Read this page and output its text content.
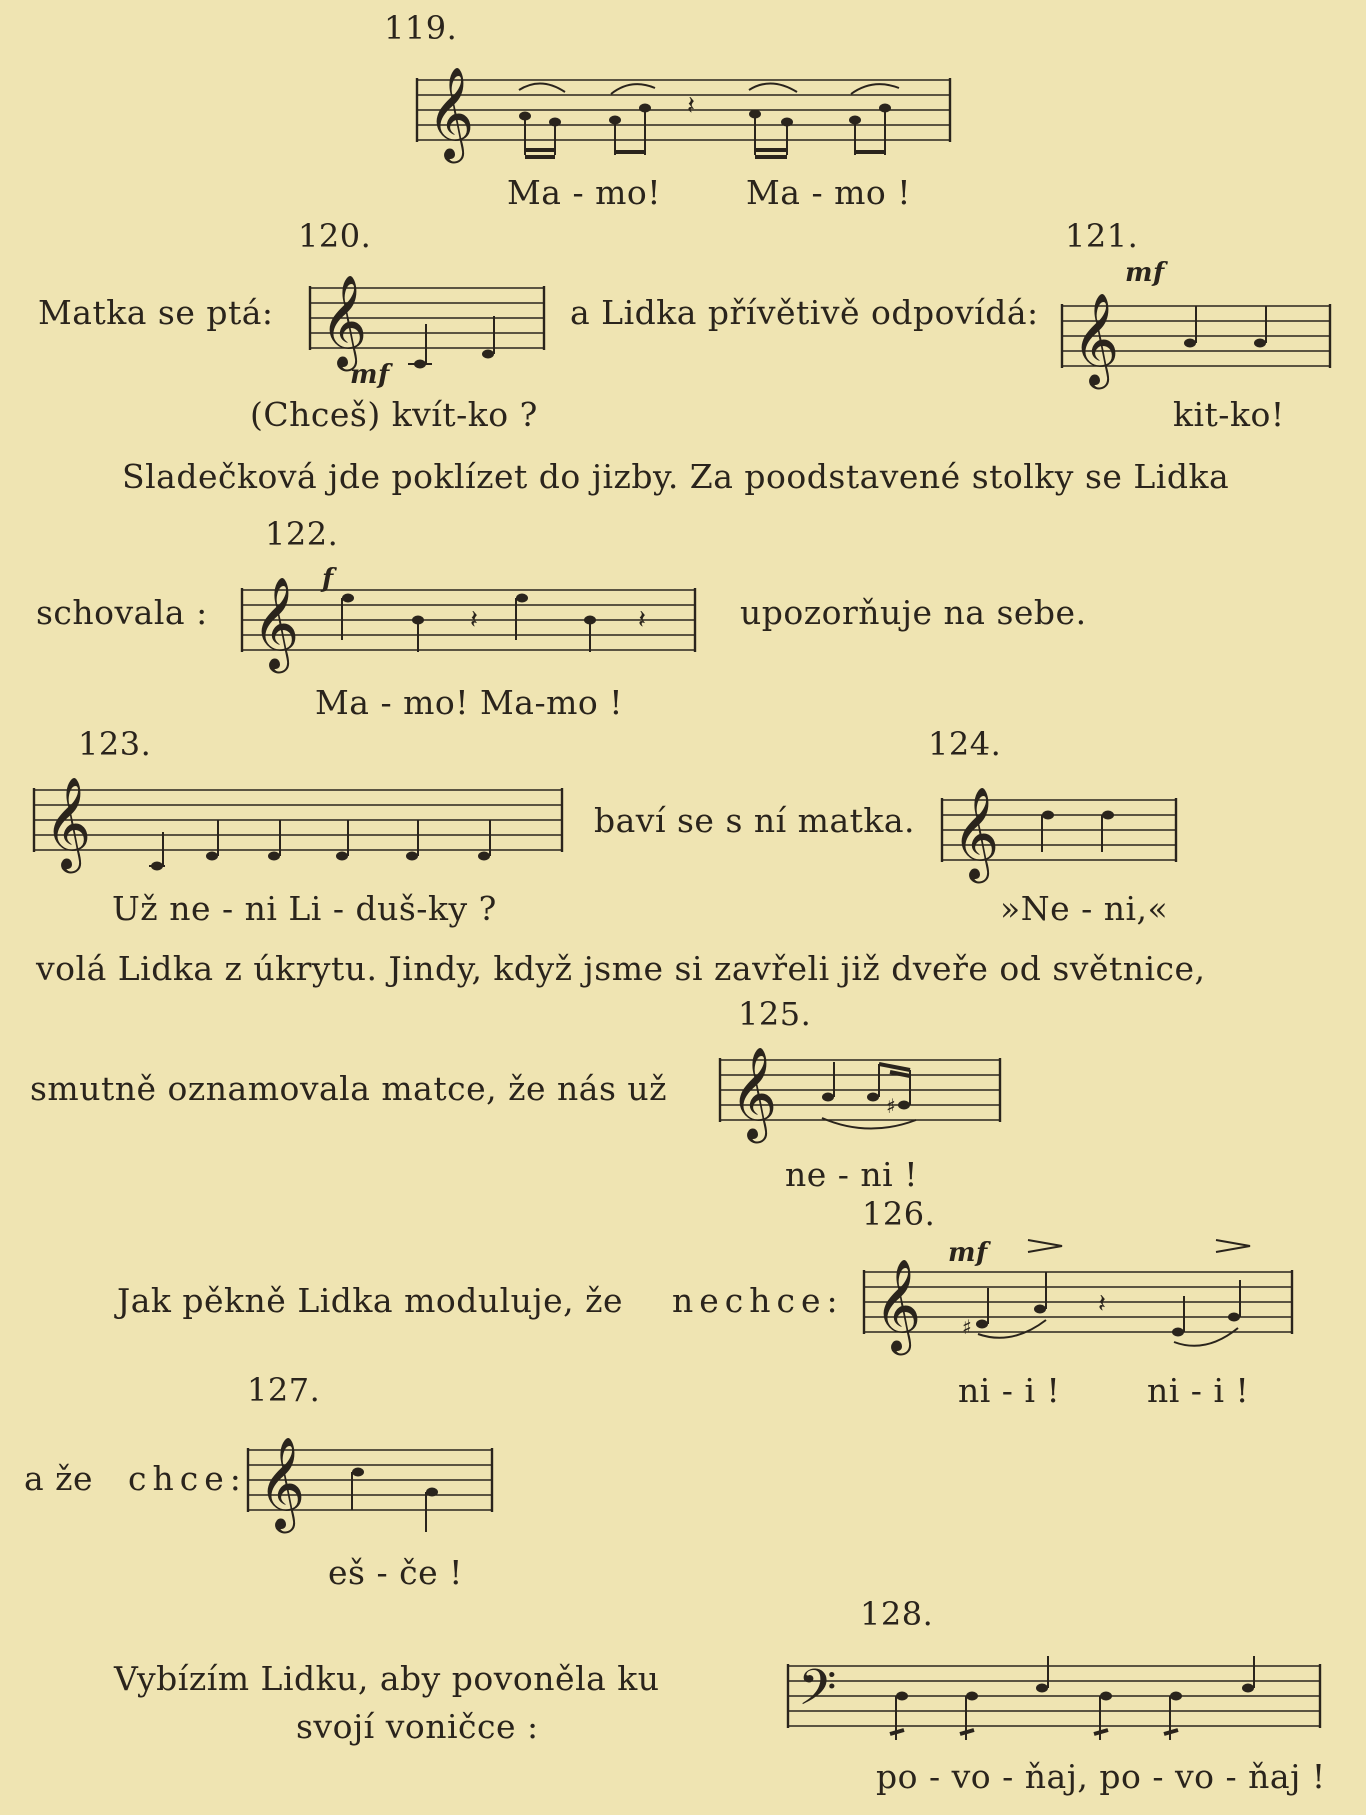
119.
𝄞	𝄽
Ma - mo!	Ma - mo !
120.	121.
Matka se ptá: 𝄞
mf
a Lidka přívětivě odpovídá:
mf
𝄞
(Chceš) kvít-ko ?	kit-ko!
Sladečková jde poklízet do jizby. Za poodstavené stolky se Lidka
122.
f
schovala : 𝄞	𝄽	𝄽	upozorňuje na sebe.
Ma - mo! Ma-mo !
123.	124.
𝄞	baví se s ní matka. 𝄞
Už ne - ni Li - duš-ky ?	»Ne - ni,«
volá Lidka z úkrytu. Jindy, když jsme si zavřeli již dveře od světnice,
125.
smutně oznamovala matce, že nás už 𝄞	♯
ne - ni !
126.
mf
Jak pěkně Lidka moduluje, že nechce: 𝄞 ♯
𝄽
ni - i !	ni - i !
127.
a že chce: 𝄞
eš - če !
128.
Vybízím Lidku, aby povoněla ku
svojí voničce :	𝄢
po - vo - ňaj, po - vo - ňaj !
